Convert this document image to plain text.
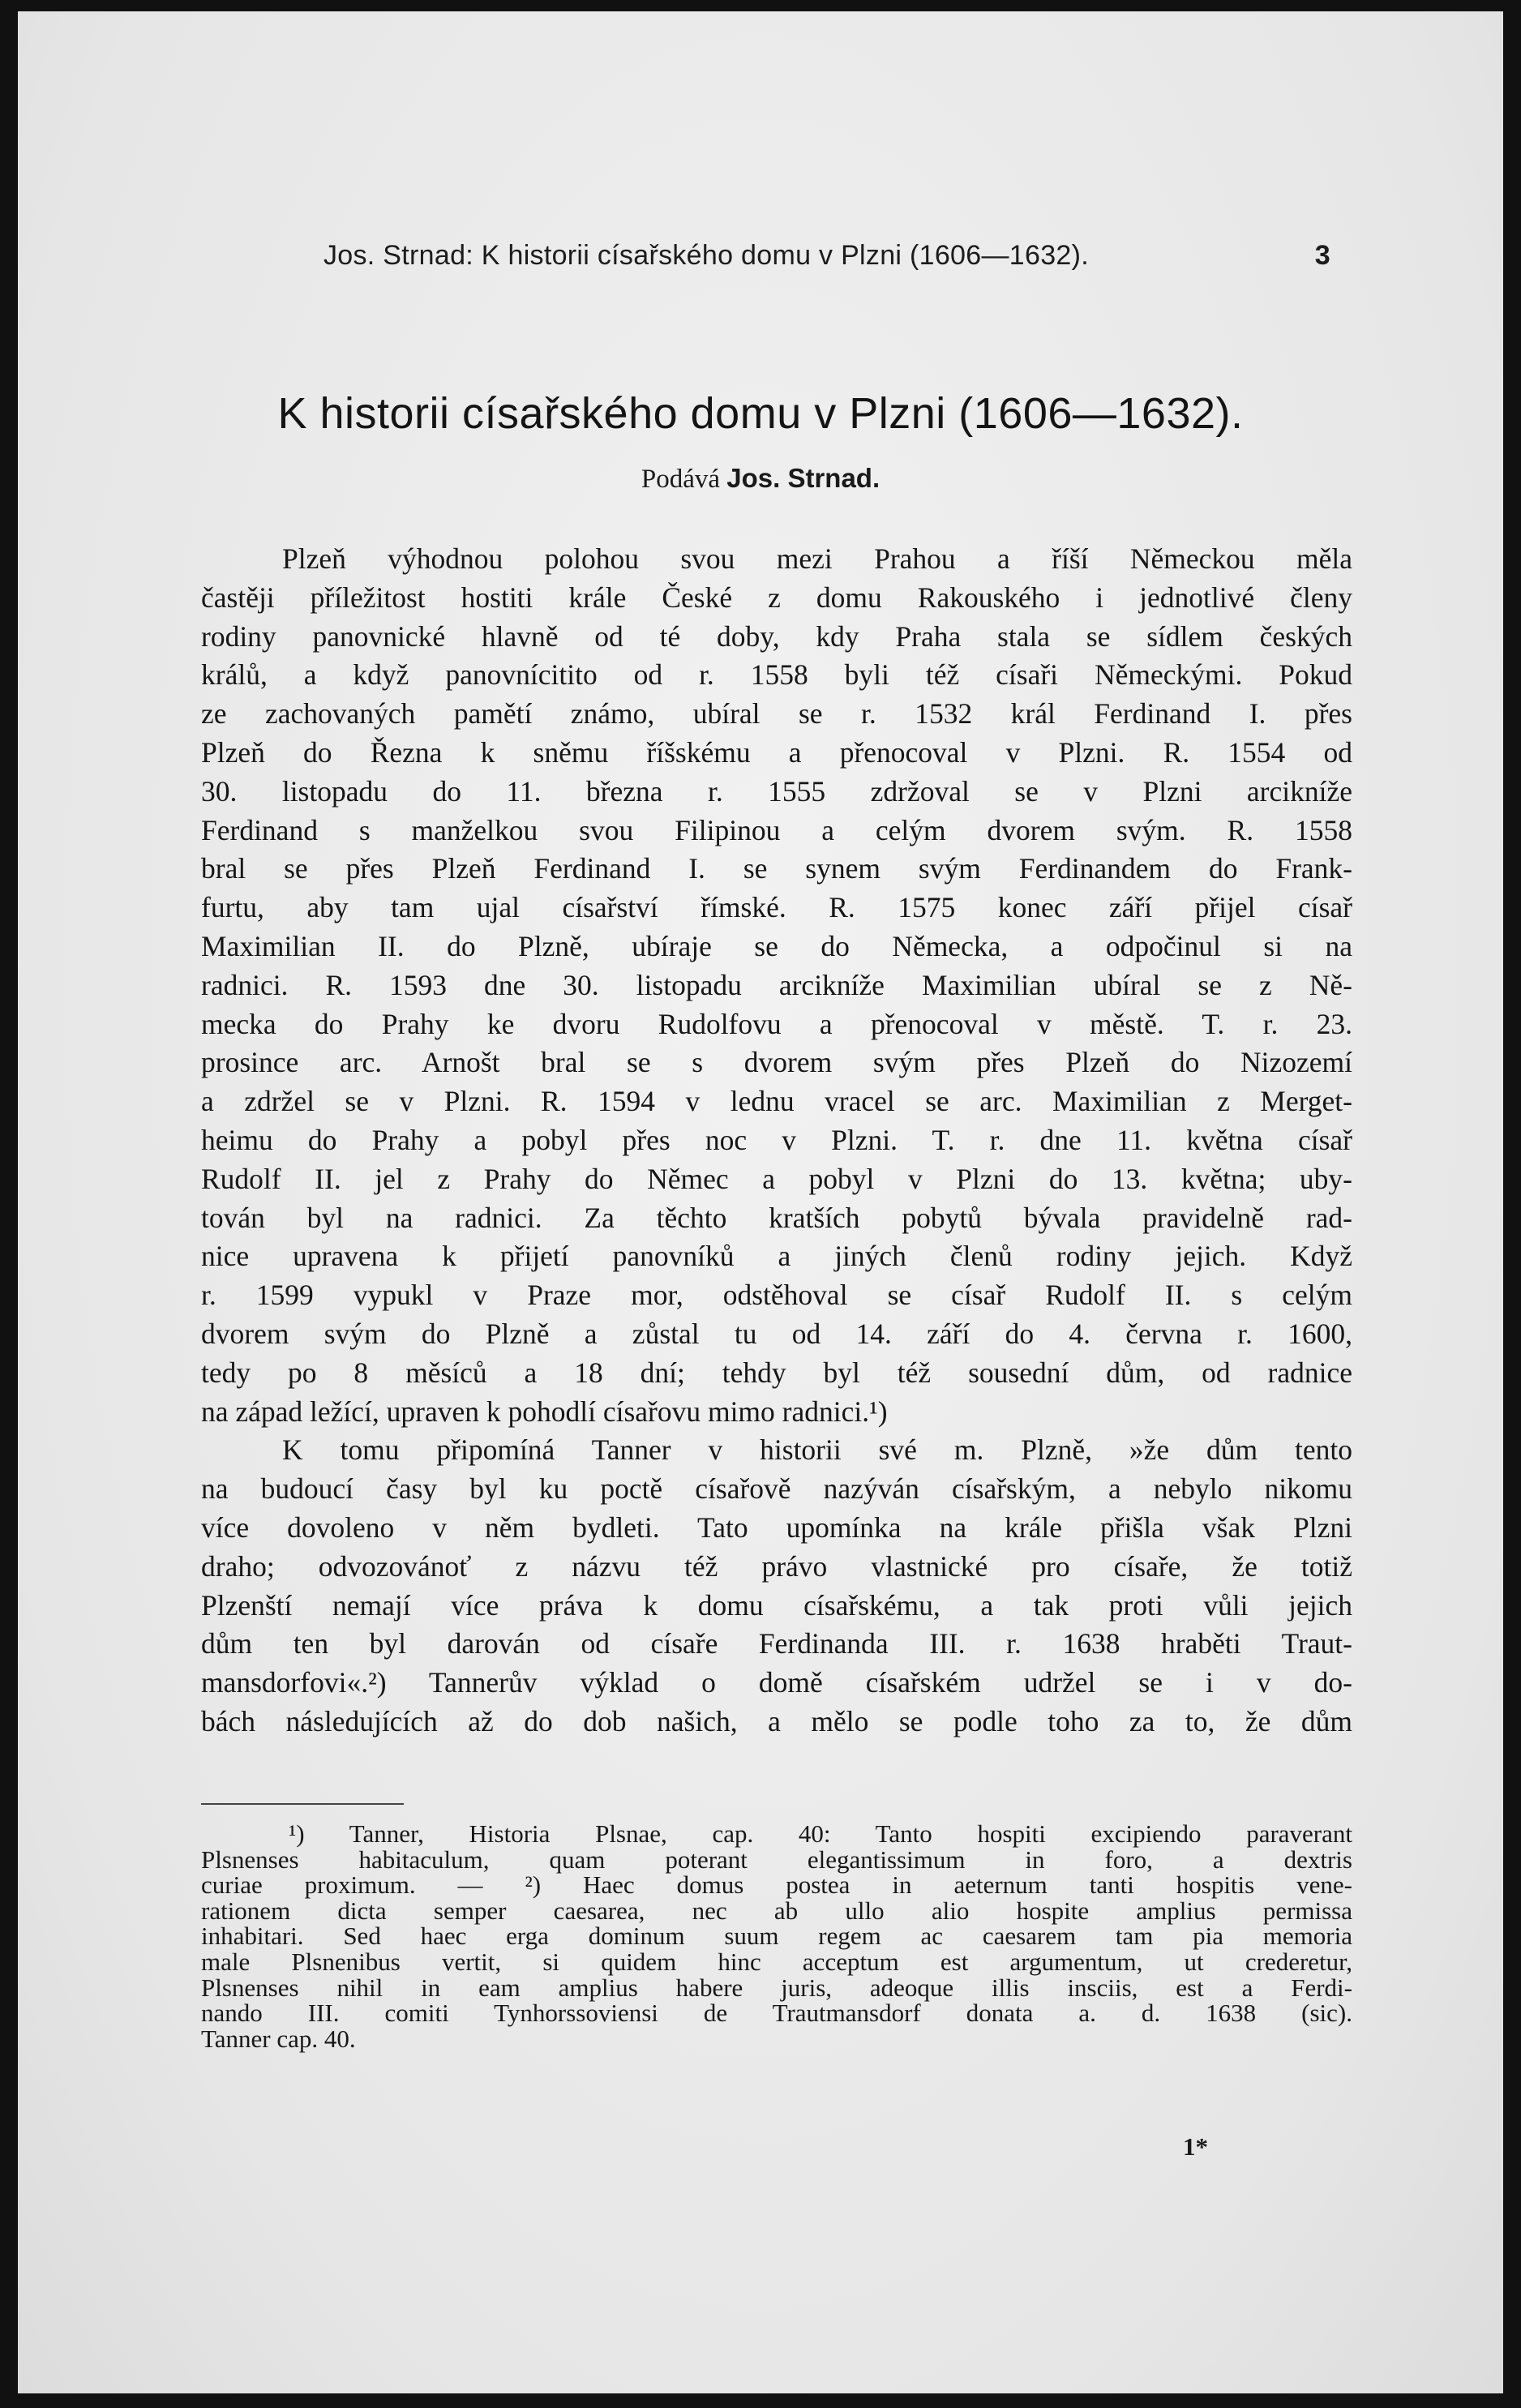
Jos. Strnad: K historii císařského domu v Plzni (1606—1632).	3
K historii císařského domu v Plzni (1606—1632).
Podává Jos. Strnad.
Plzeň výhodnou polohou svou mezi Prahou a říší Německou měla
častěji příležitost hostiti krále České z domu Rakouského i jednotlivé členy
rodiny panovnické hlavně od té doby, kdy Praha stala se sídlem českých
králů, a když panovnícitito od r. 1558 byli též císaři Německými. Pokud
ze zachovaných pamětí známo, ubíral se r. 1532 král Ferdinand I. přes
Plzeň do Řezna k sněmu říšskému a přenocoval v Plzni. R. 1554 od
30. listopadu do 11. března r. 1555 zdržoval se v Plzni arcikníže
Ferdinand s manželkou svou Filipinou a celým dvorem svým. R. 1558
bral se přes Plzeň Ferdinand I. se synem svým Ferdinandem do Frank-
furtu, aby tam ujal císařství římské. R. 1575 konec září přijel císař
Maximilian II. do Plzně, ubíraje se do Německa, a odpočinul si na
radnici. R. 1593 dne 30. listopadu arcikníže Maximilian ubíral se z Ně-
mecka do Prahy ke dvoru Rudolfovu a přenocoval v městě. T. r. 23.
prosince arc. Arnošt bral se s dvorem svým přes Plzeň do Nizozemí
a zdržel se v Plzni. R. 1594 v lednu vracel se arc. Maximilian z Merget-
heimu do Prahy a pobyl přes noc v Plzni. T. r. dne 11. května císař
Rudolf II. jel z Prahy do Němec a pobyl v Plzni do 13. května; uby-
tován byl na radnici. Za těchto kratších pobytů bývala pravidelně rad-
nice upravena k přijetí panovníků a jiných členů rodiny jejich. Když
r. 1599 vypukl v Praze mor, odstěhoval se císař Rudolf II. s celým
dvorem svým do Plzně a zůstal tu od 14. září do 4. června r. 1600,
tedy po 8 měsíců a 18 dní; tehdy byl též sousední dům, od radnice
na západ ležící, upraven k pohodlí císařovu mimo radnici.¹)
K tomu připomíná Tanner v historii své m. Plzně, »že dům tento
na budoucí časy byl ku poctě císařově nazýván císařským, a nebylo nikomu
více dovoleno v něm bydleti. Tato upomínka na krále přišla však Plzni
draho; odvozovánoť z názvu též právo vlastnické pro císaře, že totiž
Plzenští nemají více práva k domu císařskému, a tak proti vůli jejich
dům ten byl darován od císaře Ferdinanda III. r. 1638 hraběti Traut-
mansdorfovi«.²) Tannerův výklad o domě císařském udržel se i v do-
bách následujících až do dob našich, a mělo se podle toho za to, že dům
¹) Tanner, Historia Plsnae, cap. 40: Tanto hospiti excipiendo paraverant
Plsnenses habitaculum, quam poterant elegantissimum in foro, a dextris
curiae proximum. — ²) Haec domus postea in aeternum tanti hospitis vene-
rationem dicta semper caesarea, nec ab ullo alio hospite amplius permissa
inhabitari. Sed haec erga dominum suum regem ac caesarem tam pia memoria
male Plsnenibus vertit, si quidem hinc acceptum est argumentum, ut crederetur,
Plsnenses nihil in eam amplius habere juris, adeoque illis insciis, est a Ferdi-
nando III. comiti Tynhorssoviensi de Trautmansdorf donata a. d. 1638 (sic).
Tanner cap. 40.
1*
